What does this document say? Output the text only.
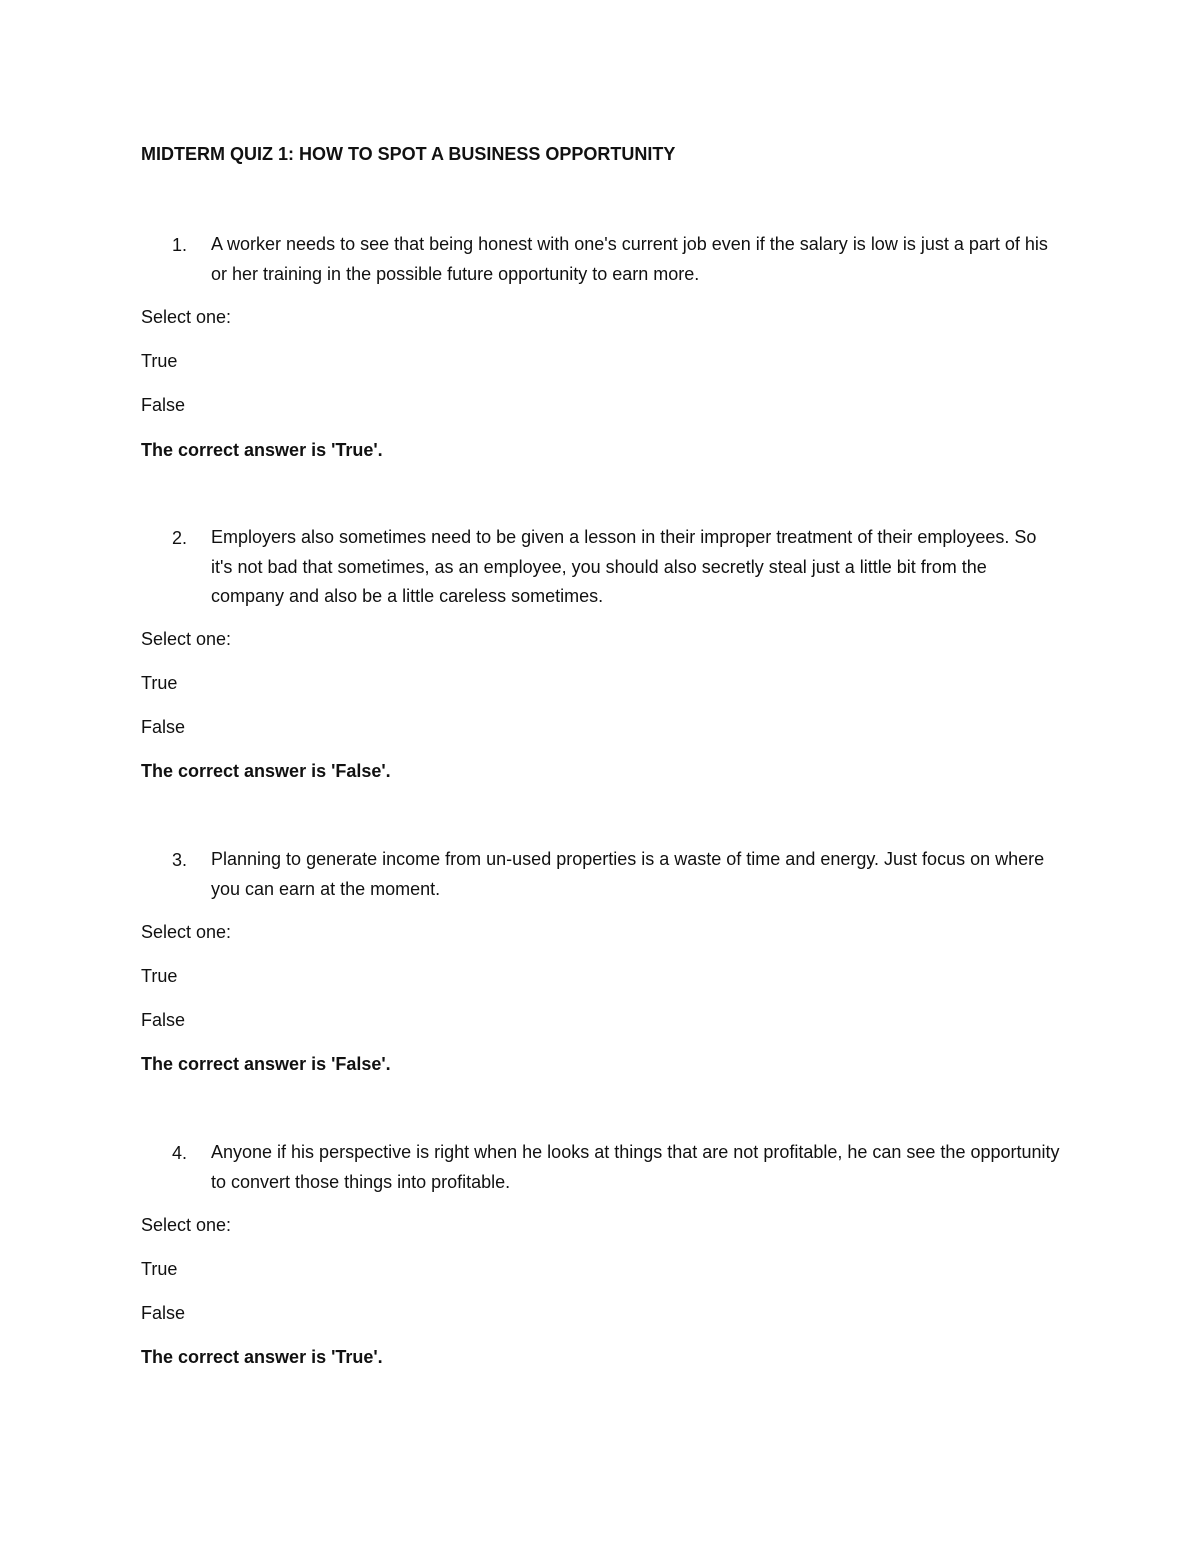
MIDTERM QUIZ 1: HOW TO SPOT A BUSINESS OPPORTUNITY
1. A worker needs to see that being honest with one's current job even if the salary is low is just a part of his or her training in the possible future opportunity to earn more.
Select one:
True
False
The correct answer is 'True'.
2. Employers also sometimes need to be given a lesson in their improper treatment of their employees. So it's not bad that sometimes, as an employee, you should also secretly steal just a little bit from the company and also be a little careless sometimes.
Select one:
True
False
The correct answer is 'False'.
3. Planning to generate income from un-used properties is a waste of time and energy. Just focus on where you can earn at the moment.
Select one:
True
False
The correct answer is 'False'.
4. Anyone if his perspective is right when he looks at things that are not profitable, he can see the opportunity to convert those things into profitable.
Select one:
True
False
The correct answer is 'True'.
